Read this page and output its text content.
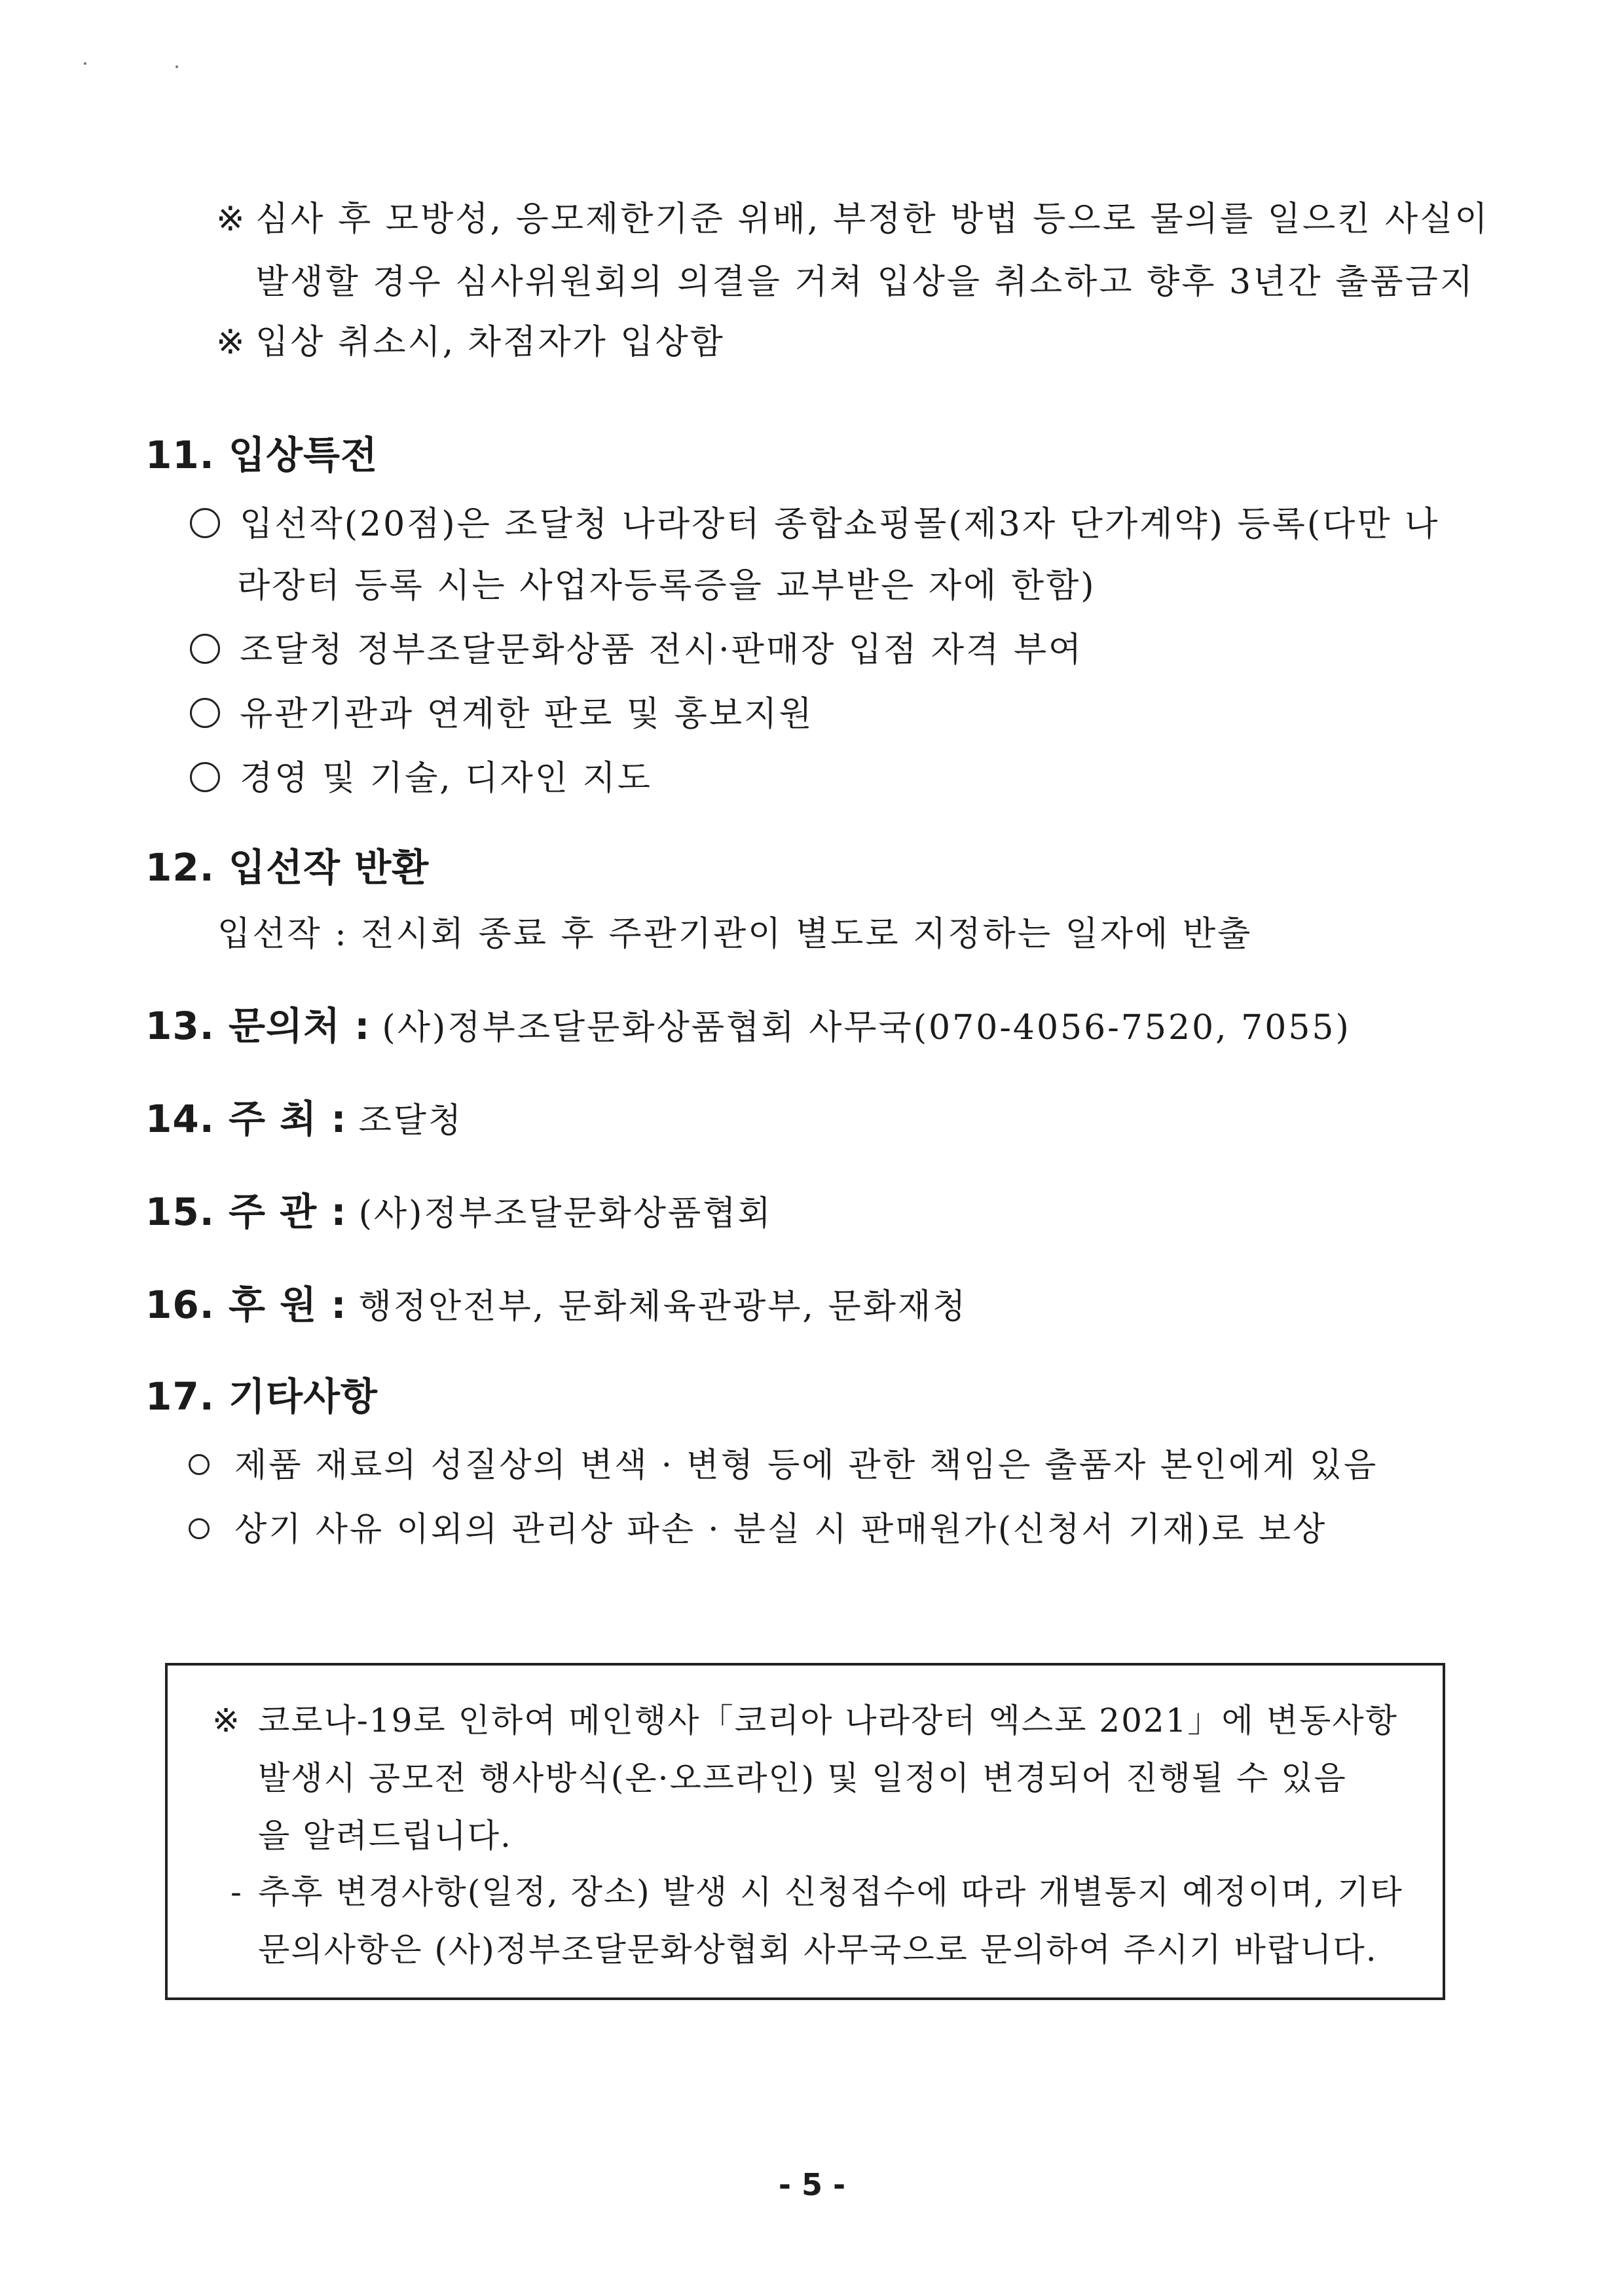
※ 심사 후 모방성, 응모제한기준 위배, 부정한 방법 등으로 물의를 일으킨 사실이
발생할 경우 심사위원회의 의결을 거쳐 입상을 취소하고 향후 3년간 출품금지
※ 입상 취소시, 차점자가 입상함
11. 입상특전
입선작(20점)은 조달청 나라장터 종합쇼핑몰(제3자 단가계약) 등록(다만 나
라장터 등록 시는 사업자등록증을 교부받은 자에 한함)
조달청 정부조달문화상품 전시·판매장 입점 자격 부여
유관기관과 연계한 판로 및 홍보지원
경영 및 기술, 디자인 지도
12. 입선작 반환
입선작 : 전시회 종료 후 주관기관이 별도로 지정하는 일자에 반출
13. 문의처 : (사)정부조달문화상품협회 사무국(070-4056-7520, 7055)
14. 주 최 : 조달청
15. 주 관 : (사)정부조달문화상품협회
16. 후 원 : 행정안전부, 문화체육관광부, 문화재청
17. 기타사항
제품 재료의 성질상의 변색 · 변형 등에 관한 책임은 출품자 본인에게 있음
상기 사유 이외의 관리상 파손 · 분실 시 판매원가(신청서 기재)로 보상
※ 코로나-19로 인하여 메인행사「코리아 나라장터 엑스포 2021」에 변동사항
발생시 공모전 행사방식(온·오프라인) 및 일정이 변경되어 진행될 수 있음
을 알려드립니다.
- 추후 변경사항(일정, 장소) 발생 시 신청접수에 따라 개별통지 예정이며, 기타
문의사항은 (사)정부조달문화상협회 사무국으로 문의하여 주시기 바랍니다.
- 5 -
